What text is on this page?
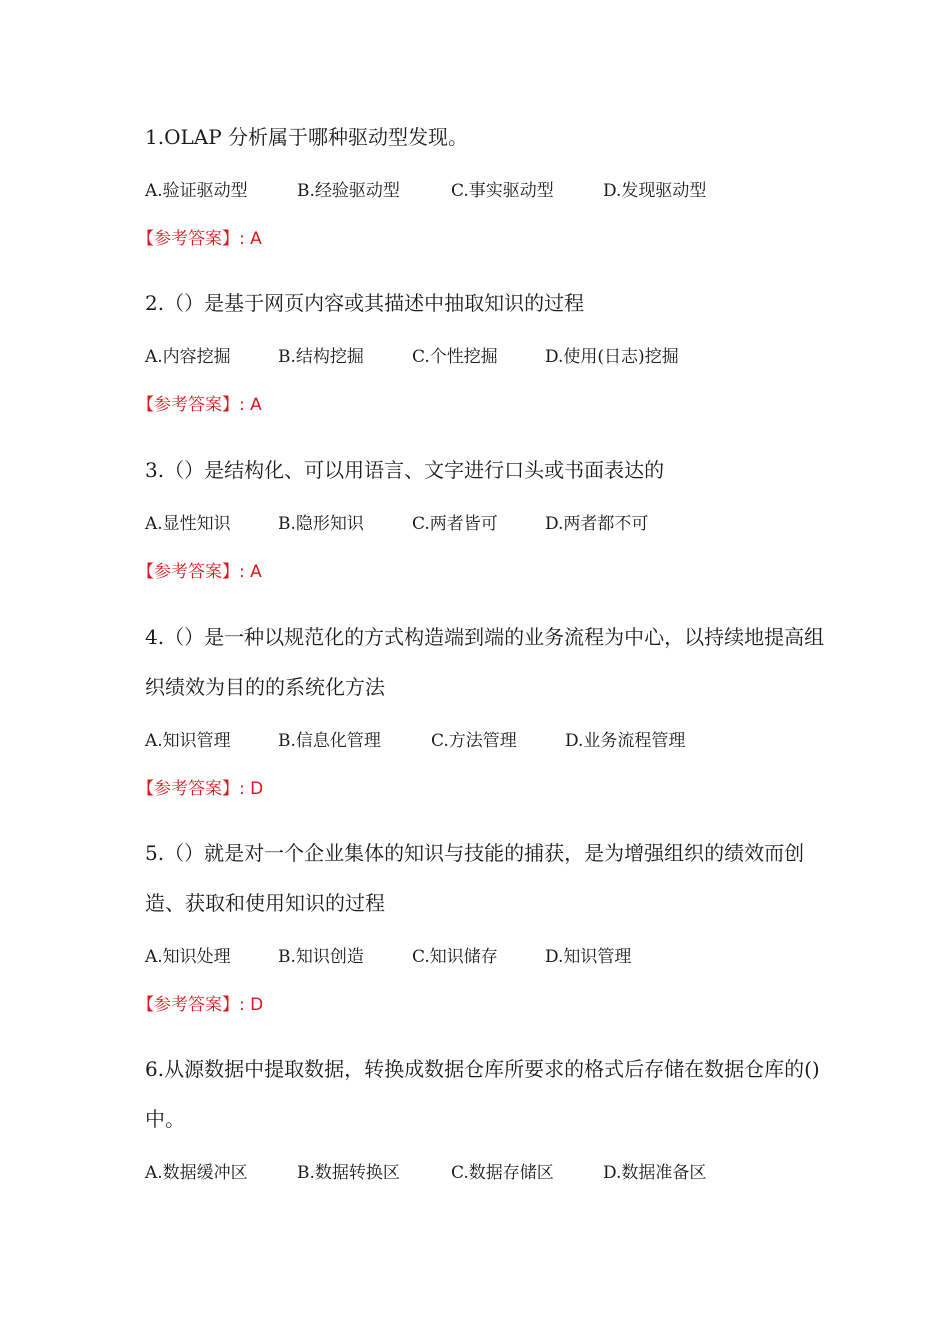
1.OLAP 分析属于哪种驱动型发现。

A.验证驱动型	B.经验驱动型	C.事实驱动型	D.发现驱动型
【参考答案】: A

2.（）是基于网页内容或其描述中抽取知识的过程

A.内容挖掘	B.结构挖掘	C.个性挖掘	D.使用(日志)挖掘
【参考答案】: A

3.（）是结构化、可以用语言、文字进行口头或书面表达的

A.显性知识	B.隐形知识	C.两者皆可	D.两者都不可
【参考答案】: A

4.（）是一种以规范化的方式构造端到端的业务流程为中心，以持续地提高组织绩效为目的的系统化方法

A.知识管理	B.信息化管理	C.方法管理	D.业务流程管理
【参考答案】: D

5.（）就是对一个企业集体的知识与技能的捕获，是为增强组织的绩效而创造、获取和使用知识的过程

A.知识处理	B.知识创造	C.知识储存	D.知识管理
【参考答案】: D

6.从源数据中提取数据，转换成数据仓库所要求的格式后存储在数据仓库的()中。

A.数据缓冲区	B.数据转换区	C.数据存储区	D.数据准备区
